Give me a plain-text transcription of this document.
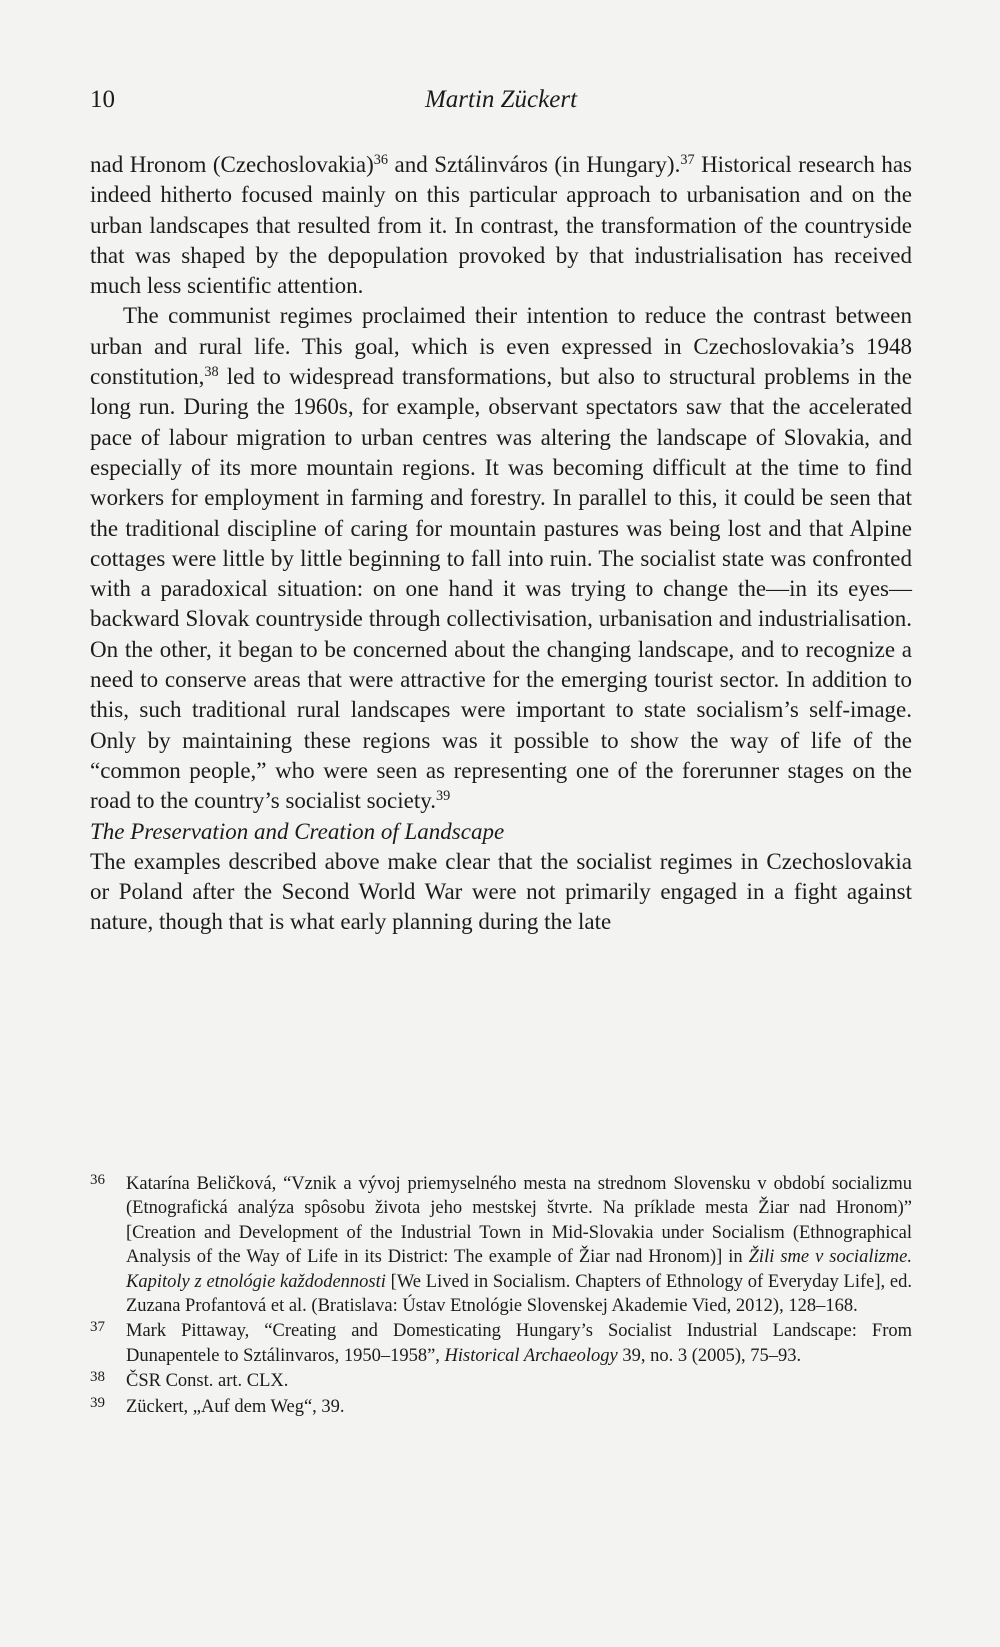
10	Martin Zückert

nad Hronom (Czechoslovakia)$^{36}$ and Sztálinváros (in Hungary).$^{37}$ Historical research has indeed hitherto focused mainly on this particular approach to urbanisation and on the urban landscapes that resulted from it. In contrast, the transformation of the countryside that was shaped by the depopulation provoked by that industrialisation has received much less scientific attention.

The communist regimes proclaimed their intention to reduce the contrast between urban and rural life. This goal, which is even expressed in Czechoslovakia’s 1948 constitution,$^{38}$ led to widespread transformations, but also to structural problems in the long run. During the 1960s, for example, observant spectators saw that the accelerated pace of labour migration to urban centres was altering the landscape of Slovakia, and especially of its more mountain regions. It was becoming difficult at the time to find workers for employment in farming and forestry. In parallel to this, it could be seen that the traditional discipline of caring for mountain pastures was being lost and that Alpine cottages were little by little beginning to fall into ruin. The socialist state was confronted with a paradoxical situation: on one hand it was trying to change the—in its eyes—backward Slovak countryside through collectivisation, urbanisation and industrialisation. On the other, it began to be concerned about the changing landscape, and to recognize a need to conserve areas that were attractive for the emerging tourist sector. In addition to this, such traditional rural landscapes were important to state socialism’s self-image. Only by maintaining these regions was it possible to show the way of life of the “common people,” who were seen as representing one of the forerunner stages on the road to the country’s socialist society.$^{39}$

The Preservation and Creation of Landscape

The examples described above make clear that the socialist regimes in Czechoslovakia or Poland after the Second World War were not primarily engaged in a fight against nature, though that is what early planning during the late

36 Katarína Beličková, “Vznik a vývoj priemyselného mesta na strednom Slovensku v období socializmu (Etnografická analýza spôsobu života jeho mestskej štvrte. Na príklade mesta Žiar nad Hronom)” [Creation and Development of the Industrial Town in Mid-Slovakia under Socialism (Ethnographical Analysis of the Way of Life in its District: The example of Žiar nad Hronom)] in Žili sme v socializme. Kapitoly z etnológie každodennosti [We Lived in Socialism. Chapters of Ethnology of Everyday Life], ed. Zuzana Profantová et al. (Bratislava: Ústav Etnológie Slovenskej Akademie Vied, 2012), 128–168.
37 Mark Pittaway, “Creating and Domesticating Hungary’s Socialist Industrial Landscape: From Dunapentele to Sztálinvaros, 1950–1958”, Historical Archaeology 39, no. 3 (2005), 75–93.
38 ČSR Const. art. CLX.
39 Zückert, „Auf dem Weg“, 39.
